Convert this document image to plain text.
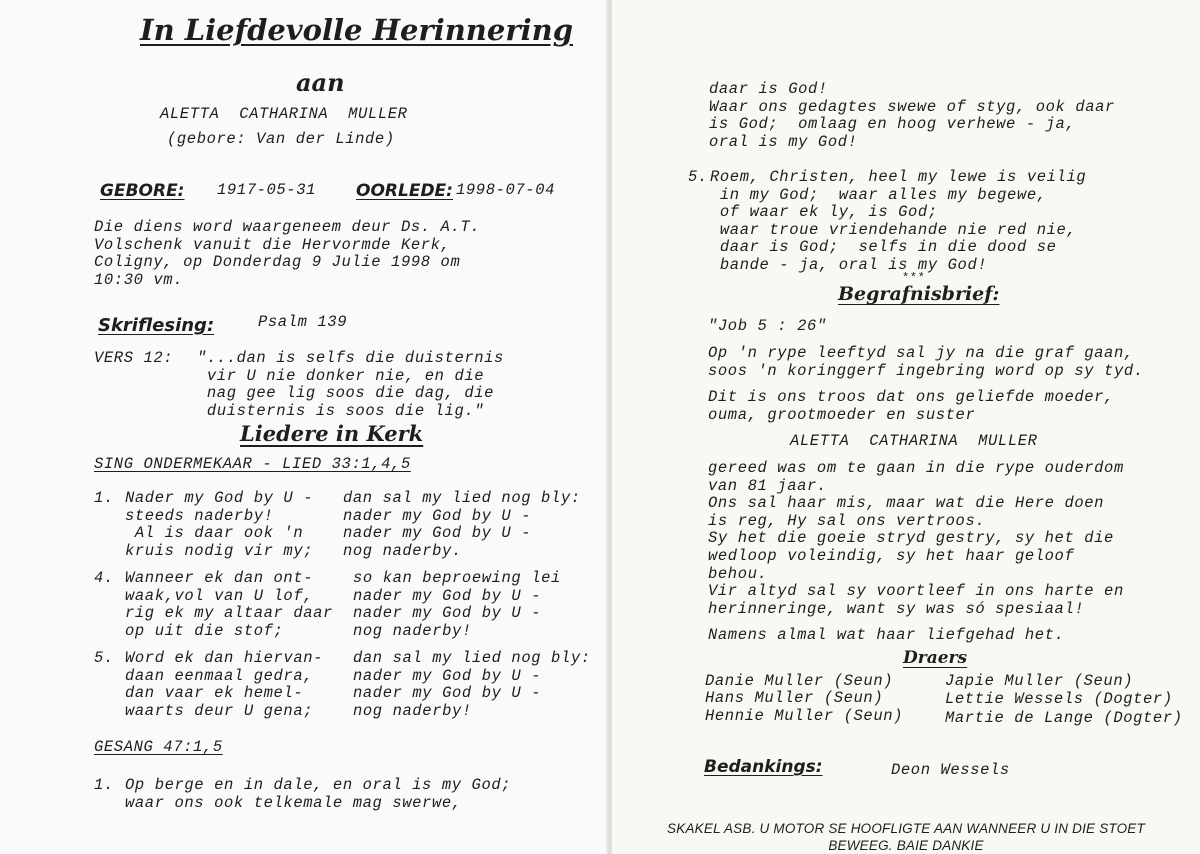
In Liefdevolle Herinnering
aan
ALETTA  CATHARINA  MULLER
(gebore: Van der Linde)
GEBORE: 1917-05-31 OORLEDE: 1998-07-04
Die diens word waargeneem deur Ds. A.T.
Volschenk vanuit die Hervormde Kerk,
Coligny, op Donderdag 9 Julie 1998 om
10:30 vm.
Skriflesing:	Psalm 139
VERS 12: "...dan is selfs die duisternis
vir U nie donker nie, en die
nag gee lig soos die dag, die
duisternis is soos die lig."
Liedere in Kerk
SING ONDERMEKAAR - LIED 33:1,4,5
1. Nader my God by U -
steeds naderby!
Al is daar ook 'n
kruis nodig vir my;
dan sal my lied nog bly:
nader my God by U -
nader my God by U -
nog naderby.
4. Wanneer ek dan ont-
waak,vol van U lof,
rig ek my altaar daar
op uit die stof;
so kan beproewing lei
nader my God by U -
nader my God by U -
nog naderby!
5. Word ek dan hiervan-
daan eenmaal gedra,
dan vaar ek hemel-
waarts deur U gena;
dan sal my lied nog bly:
nader my God by U -
nader my God by U -
nog naderby!
GESANG 47:1,5
1. Op berge en in dale, en oral is my God;
waar ons ook telkemale mag swerwe,
daar is God!
Waar ons gedagtes swewe of styg, ook daar
is God;  omlaag en hoog verhewe - ja,
oral is my God!
5. Roem, Christen, heel my lewe is veilig
in my God;  waar alles my begewe,
of waar ek ly, is God;
waar troue vriendehande nie red nie,
daar is God;  selfs in die dood se
bande - ja, oral is my God!
***
Begrafnisbrief:
"Job 5 : 26"
Op 'n rype leeftyd sal jy na die graf gaan,
soos 'n koringgerf ingebring word op sy tyd.
Dit is ons troos dat ons geliefde moeder,
ouma, grootmoeder en suster
ALETTA  CATHARINA  MULLER
gereed was om te gaan in die rype ouderdom
van 81 jaar.
Ons sal haar mis, maar wat die Here doen
is reg, Hy sal ons vertroos.
Sy het die goeie stryd gestry, sy het die
wedloop voleindig, sy het haar geloof
behou.
Vir altyd sal sy voortleef in ons harte en
herinneringe, want sy was só spesiaal!
Namens almal wat haar liefgehad het.
Draers
Danie Muller (Seun)
Hans Muller (Seun)
Hennie Muller (Seun)
Japie Muller (Seun)
Lettie Wessels (Dogter)
Martie de Lange (Dogter)
Bedankings:	Deon Wessels
SKAKEL ASB. U MOTOR SE HOOFLIGTE AAN WANNEER U IN DIE STOET
BEWEEG. BAIE DANKIE
